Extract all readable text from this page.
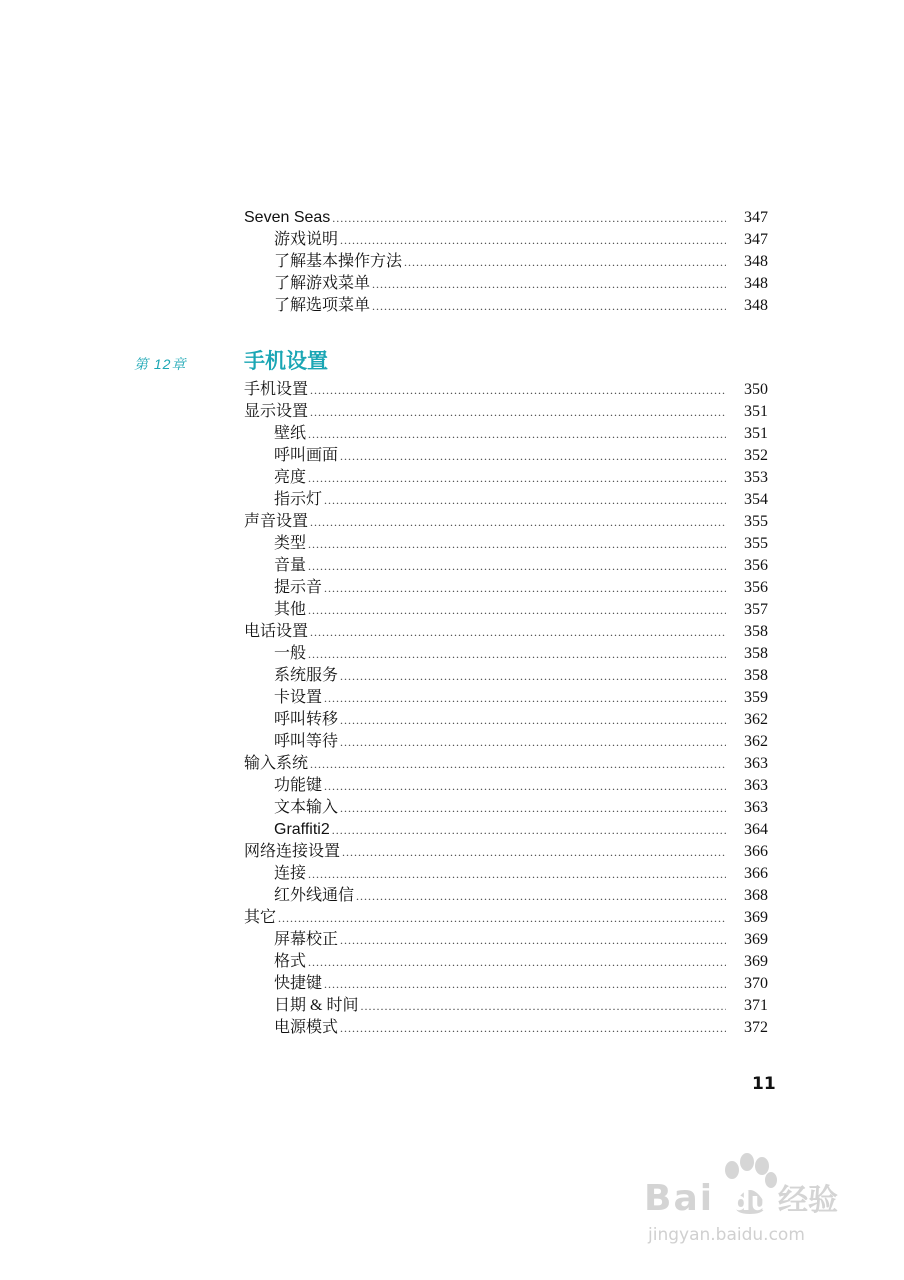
Seven Seas .....	347
游戏说明 .....	347
了解基本操作方法 .....	348
了解游戏菜单 .....	348
了解选项菜单 .....	348
第 12章	手机设置
手机设置 .....	350
显示设置 .....	351
壁纸 .....	351
呼叫画面 .....	352
亮度 .....	353
指示灯 .....	354
声音设置 .....	355
类型 .....	355
音量 .....	356
提示音 .....	356
其他 .....	357
电话设置 .....	358
一般 .....	358
系统服务 .....	358
卡设置 .....	359
呼叫转移 .....	362
呼叫等待 .....	362
输入系统 .....	363
功能键 .....	363
文本输入 .....	363
Graffiti2 .....	364
网络连接设置 .....	366
连接 .....	366
红外线通信 .....	368
其它 .....	369
屏幕校正 .....	369
格式 .....	369
快捷键 .....	370
日期 & 时间 .....	371
电源模式 .....	372
11
Bai du 经验
jingyan.baidu.com
